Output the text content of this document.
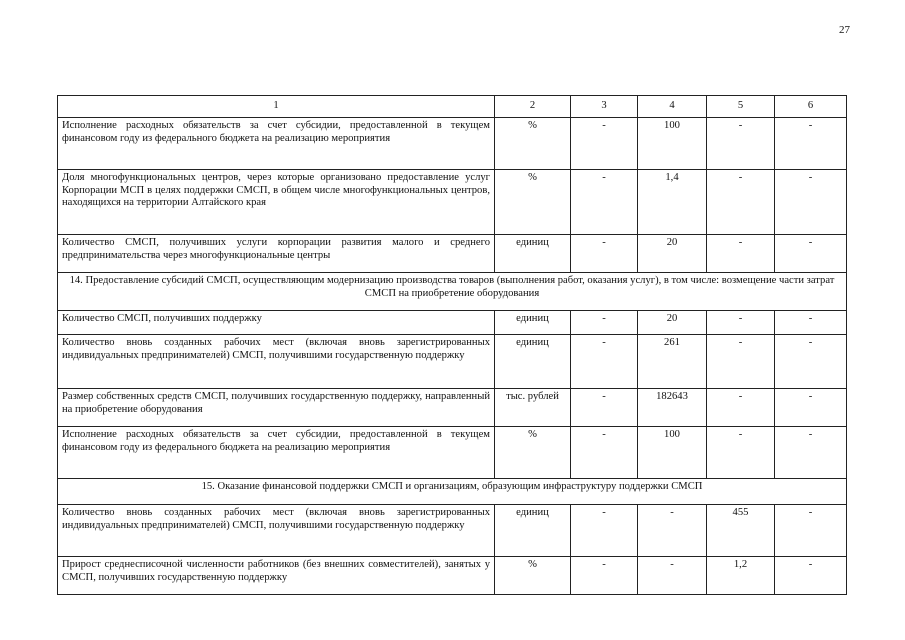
27
1	2	3	4	5	6
Исполнение расходных обязательств за счет субсидии, предоставленной в текущем финансовом году из федерального бюджета на реализацию мероприятия	%	-	100	-	-
Доля многофункциональных центров, через которые организовано предоставление услуг Корпорации МСП в целях поддержки СМСП, в общем числе многофункциональных центров, находящихся на территории Алтайского края	%	-	1,4	-	-
Количество СМСП, получивших услуги корпорации развития малого и среднего предпринимательства через многофункциональные центры	единиц	-	20	-	-
14. Предоставление субсидий СМСП, осуществляющим модернизацию производства товаров (выполнения работ, оказания услуг), в том числе: возмещение части затрат СМСП на приобретение оборудования					
Количество СМСП, получивших поддержку	единиц	-	20	-	-
Количество вновь созданных рабочих мест (включая вновь зарегистрированных индивидуальных предпринимателей) СМСП, получившими государственную поддержку	единиц	-	261	-	-
Размер собственных средств СМСП, получивших государственную поддержку, направленный на приобретение оборудования	тыс. рублей	-	182643	-	-
Исполнение расходных обязательств за счет субсидии, предоставленной в текущем финансовом году из федерального бюджета на реализацию мероприятия	%	-	100	-	-
15. Оказание финансовой поддержки СМСП и организациям, образующим инфраструктуру поддержки СМСП					
Количество вновь созданных рабочих мест (включая вновь зарегистрированных индивидуальных предпринимателей) СМСП, получившими государственную поддержку	единиц	-	-	455	-
Прирост среднесписочной численности работников (без внешних совместителей), занятых у СМСП, получивших государственную поддержку	%	-	-	1,2	-
